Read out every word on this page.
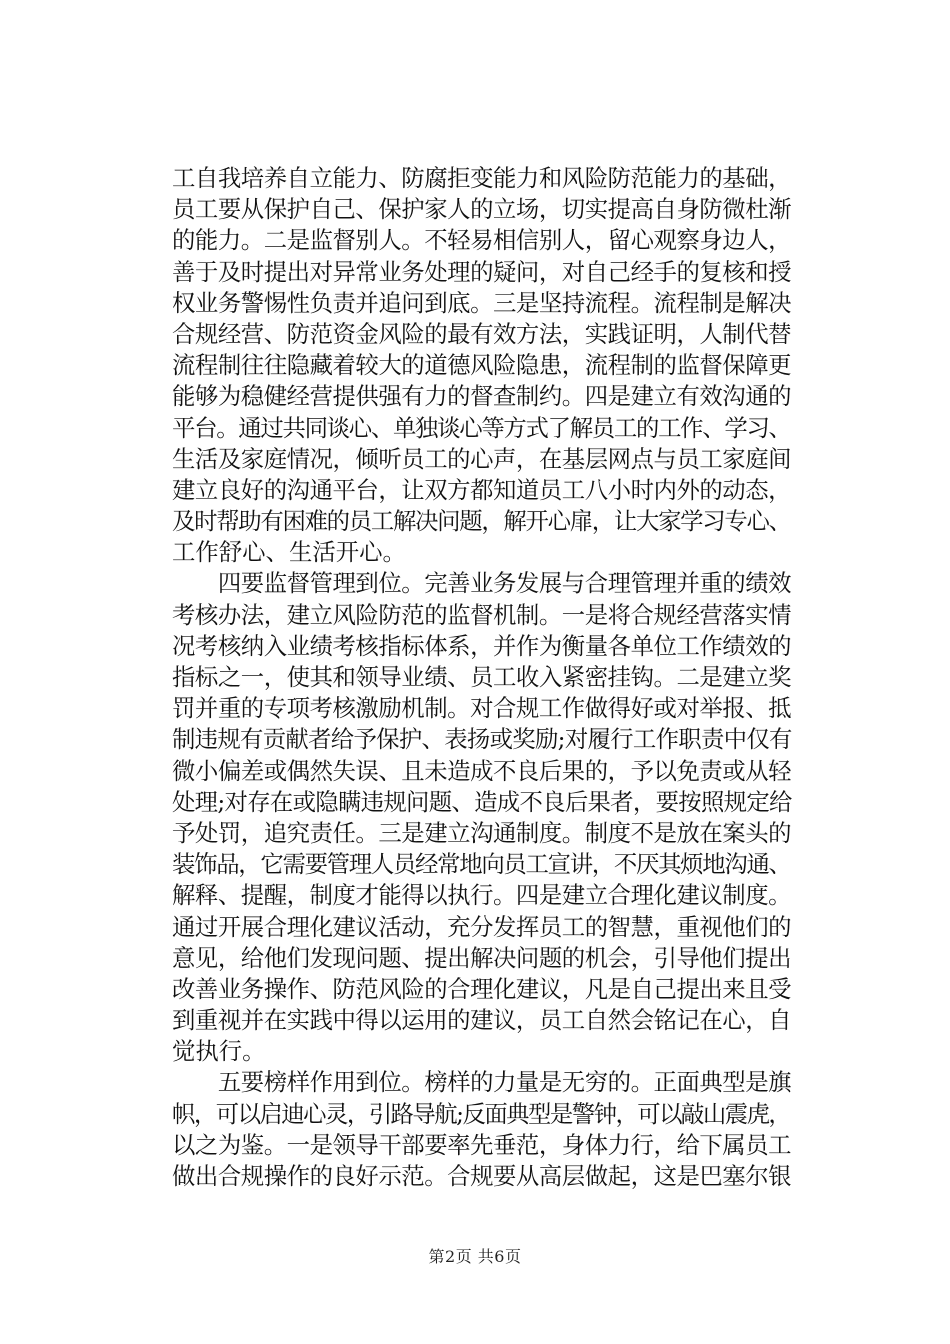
工自我培养自立能力、防腐拒变能力和风险防范能力的基础，
员工要从保护自己、保护家人的立场，切实提高自身防微杜渐
的能力。二是监督别人。不轻易相信别人，留心观察身边人，
善于及时提出对异常业务处理的疑问，对自己经手的复核和授
权业务警惕性负责并追问到底。三是坚持流程。流程制是解决
合规经营、防范资金风险的最有效方法，实践证明，人制代替
流程制往往隐藏着较大的道德风险隐患，流程制的监督保障更
能够为稳健经营提供强有力的督查制约。四是建立有效沟通的
平台。通过共同谈心、单独谈心等方式了解员工的工作、学习、
生活及家庭情况，倾听员工的心声，在基层网点与员工家庭间
建立良好的沟通平台，让双方都知道员工八小时内外的动态，
及时帮助有困难的员工解决问题，解开心扉，让大家学习专心、
工作舒心、生活开心。
　　四要监督管理到位。完善业务发展与合理管理并重的绩效
考核办法，建立风险防范的监督机制。一是将合规经营落实情
况考核纳入业绩考核指标体系，并作为衡量各单位工作绩效的
指标之一，使其和领导业绩、员工收入紧密挂钩。二是建立奖
罚并重的专项考核激励机制。对合规工作做得好或对举报、抵
制违规有贡献者给予保护、表扬或奖励;对履行工作职责中仅有
微小偏差或偶然失误、且未造成不良后果的，予以免责或从轻
处理;对存在或隐瞒违规问题、造成不良后果者，要按照规定给
予处罚，追究责任。三是建立沟通制度。制度不是放在案头的
装饰品，它需要管理人员经常地向员工宣讲，不厌其烦地沟通、
解释、提醒，制度才能得以执行。四是建立合理化建议制度。
通过开展合理化建议活动，充分发挥员工的智慧，重视他们的
意见，给他们发现问题、提出解决问题的机会，引导他们提出
改善业务操作、防范风险的合理化建议，凡是自己提出来且受
到重视并在实践中得以运用的建议，员工自然会铭记在心，自
觉执行。
　　五要榜样作用到位。榜样的力量是无穷的。正面典型是旗
帜，可以启迪心灵，引路导航;反面典型是警钟，可以敲山震虎，
以之为鉴。一是领导干部要率先垂范，身体力行，给下属员工
做出合规操作的良好示范。合规要从高层做起，这是巴塞尔银
第2页 共6页
